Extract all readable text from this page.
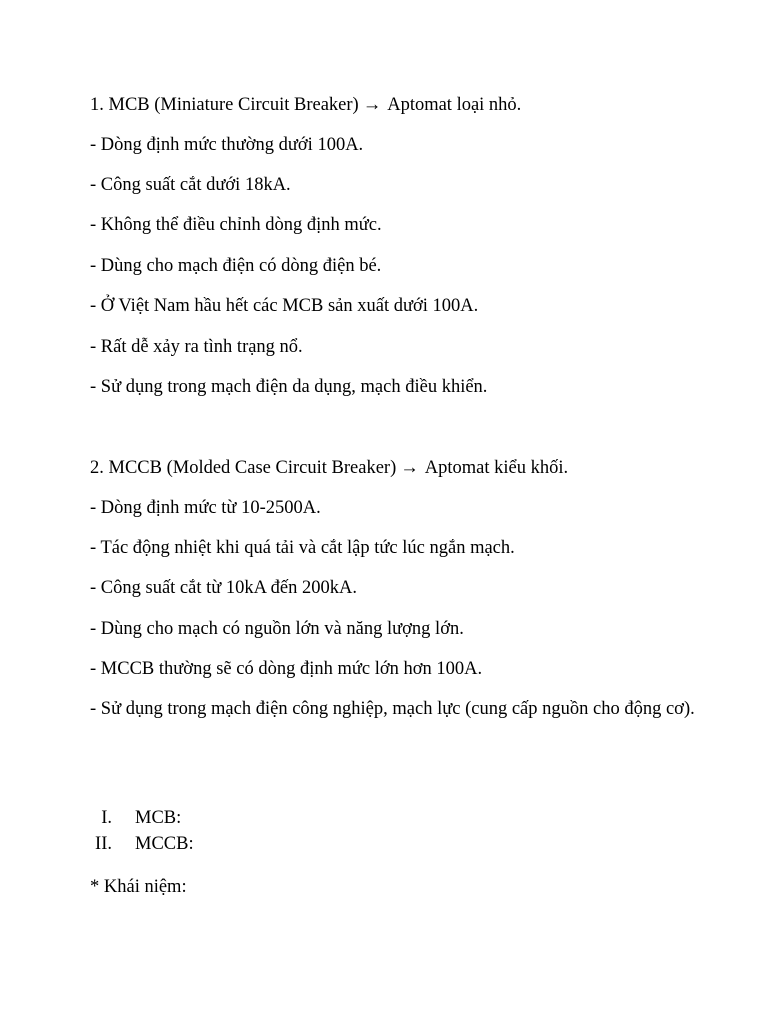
1. MCB (Miniature Circuit Breaker) → Aptomat loại nhỏ.
- Dòng định mức thường dưới 100A.
- Công suất cắt dưới 18kA.
- Không thể điều chỉnh dòng định mức.
- Dùng cho mạch điện có dòng điện bé.
- Ở Việt Nam hầu hết các MCB sản xuất dưới 100A.
- Rất dễ xảy ra tình trạng nổ.
- Sử dụng trong mạch điện da dụng, mạch điều khiển.
2. MCCB (Molded Case Circuit Breaker) → Aptomat kiểu khối.
- Dòng định mức từ 10-2500A.
- Tác động nhiệt khi quá tải và cắt lập tức lúc ngắn mạch.
- Công suất cắt từ 10kA đến 200kA.
- Dùng cho mạch có nguồn lớn và năng lượng lớn.
- MCCB thường sẽ có dòng định mức lớn hơn 100A.
- Sử dụng trong mạch điện công nghiệp, mạch lực (cung cấp nguồn cho động cơ).
I. MCB:
II. MCCB:
* Khái niệm:
